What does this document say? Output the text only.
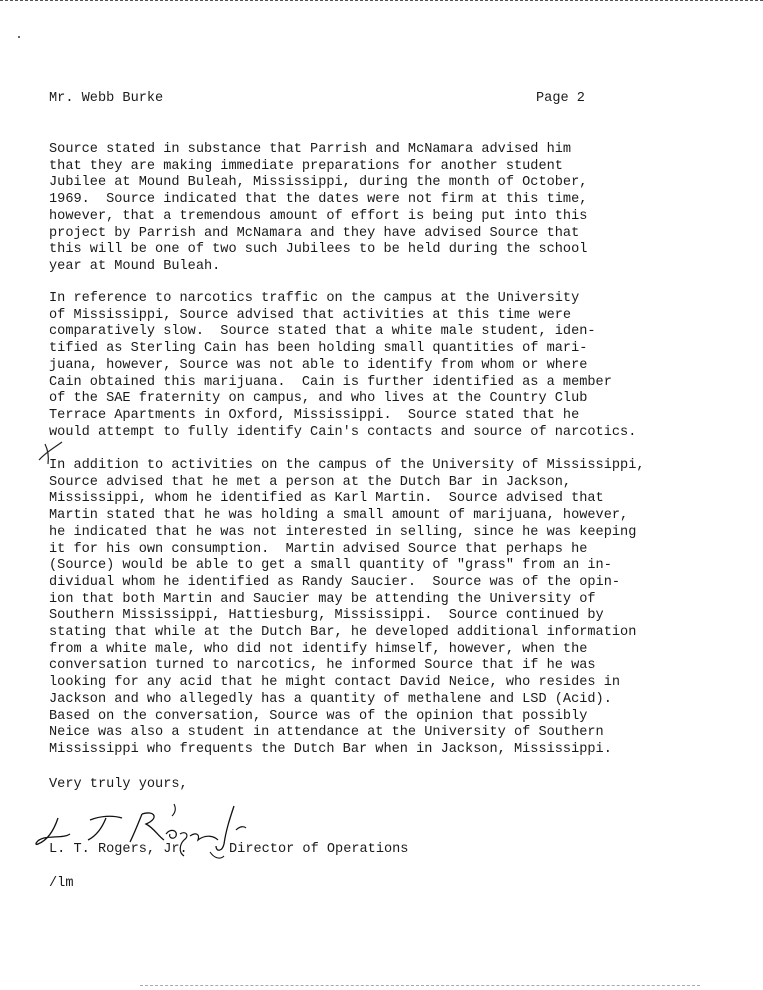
Mr. Webb Burke	Page 2

Source stated in substance that Parrish and McNamara advised him
that they are making immediate preparations for another student
Jubilee at Mound Buleah, Mississippi, during the month of October,
1969.  Source indicated that the dates were not firm at this time,
however, that a tremendous amount of effort is being put into this
project by Parrish and McNamara and they have advised Source that
this will be one of two such Jubilees to be held during the school
year at Mound Buleah.

In reference to narcotics traffic on the campus at the University
of Mississippi, Source advised that activities at this time were
comparatively slow.  Source stated that a white male student, iden-
tified as Sterling Cain has been holding small quantities of mari-
juana, however, Source was not able to identify from whom or where
Cain obtained this marijuana.  Cain is further identified as a member
of the SAE fraternity on campus, and who lives at the Country Club
Terrace Apartments in Oxford, Mississippi.  Source stated that he
would attempt to fully identify Cain's contacts and source of narcotics.

In addition to activities on the campus of the University of Mississippi,
Source advised that he met a person at the Dutch Bar in Jackson,
Mississippi, whom he identified as Karl Martin.  Source advised that
Martin stated that he was holding a small amount of marijuana, however,
he indicated that he was not interested in selling, since he was keeping
it for his own consumption.  Martin advised Source that perhaps he
(Source) would be able to get a small quantity of "grass" from an in-
dividual whom he identified as Randy Saucier.  Source was of the opin-
ion that both Martin and Saucier may be attending the University of
Southern Mississippi, Hattiesburg, Mississippi.  Source continued by
stating that while at the Dutch Bar, he developed additional information
from a white male, who did not identify himself, however, when the
conversation turned to narcotics, he informed Source that if he was
looking for any acid that he might contact David Neice, who resides in
Jackson and who allegedly has a quantity of methalene and LSD (Acid).
Based on the conversation, Source was of the opinion that possibly
Neice was also a student in attendance at the University of Southern
Mississippi who frequents the Dutch Bar when in Jackson, Mississippi.

Very truly yours,
L. T. Rogers, Jr.	Director of Operations
/lm
